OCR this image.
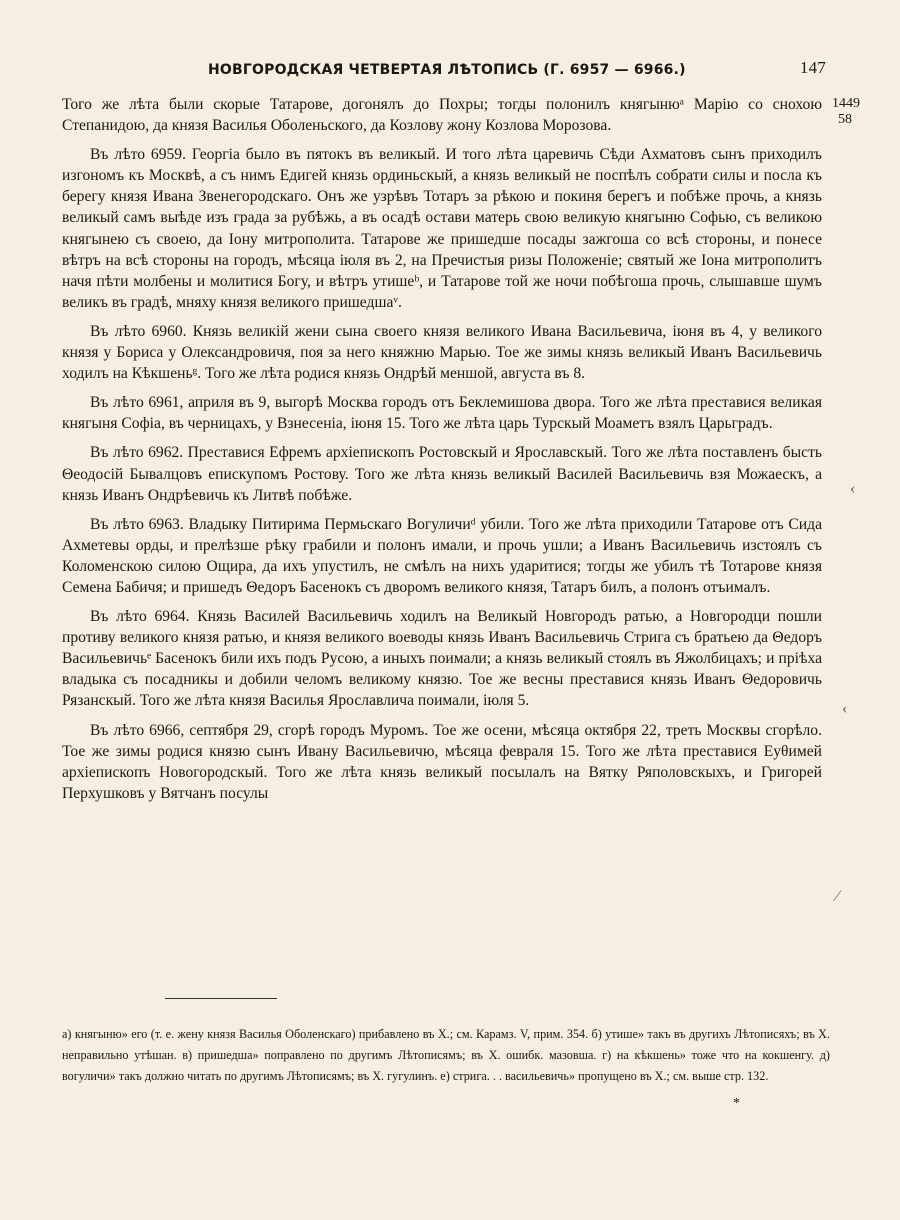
НОВГОРОДСКАЯ ЧЕТВЕРТАЯ ЛѢТОПИСЬ (Г. 6957 — 6966.)	147
1449
58

Того же лѣта были скорые Татарове, догонялъ до Похры; тогды полонилъ княгынюᵃ Марію со снохою Степанидою, да князя Василья Оболеньского, да Козлову жону Козлова Морозова.

Въ лѣто 6959. Георгіа было въ пятокъ въ великый. И того лѣта царевичь Сѣди Ахматовъ сынъ приходилъ изгономъ къ Москвѣ, а съ нимъ Едигей князь ординьскый, а князь великый не поспѣлъ собрати силы и посла къ берегу князя Ивана Звенегородскаго. Онъ же узрѣвъ Тотаръ за рѣкою и покиня берегъ и побѣже прочь, а князь великый самъ выѣде изъ града за рубѣжь, а въ осадѣ остави матерь свою великую княгыню Софью, съ великою княгынею съ своею, да Іону митрополита. Татарове же пришедше посады зажгоша со всѣ стороны, и понесе вѣтръ на всѣ стороны на городъ, мѣсяца іюля въ 2, на Пречистыя ризы Положеніе; святый же Іона митрополитъ начя пѣти молбены и молитися Богу, и вѣтръ утишеᵇ, и Татарове той же ночи побѣгоша прочь, слышавше шумъ великъ въ градѣ, мняху князя великого пришедшаᵛ.

Въ лѣто 6960. Князь великій жени сына своего князя великого Ивана Васильевича, іюня въ 4, у великого князя у Бориса у Олександровичя, поя за него княжню Марью. Тое же зимы князь великый Иванъ Васильевичь ходилъ на Кѣкшеньᵍ. Того же лѣта родися князь Ондрѣй меншой, августа въ 8.

Въ лѣто 6961, априля въ 9, выгорѣ Москва городъ отъ Беклемишова двора. Того же лѣта преставися великая княгыня Софіа, въ черницахъ, у Взнесеніа, іюня 15. Того же лѣта царь Турскый Моаметъ взялъ Царьградъ.

Въ лѣто 6962. Преставися Ефремъ архіепископъ Ростовскый и Ярославскый. Того же лѣта поставленъ бысть Θеодосій Бывалцовъ епискупомъ Ростову. Того же лѣта князь великый Василей Васильевичь взя Можаескъ, а князь Иванъ Ондрѣевичь къ Литвѣ побѣже.

Въ лѣто 6963. Владыку Питирима Пермьскаго Вогуличиᵈ убили. Того же лѣта приходили Татарове отъ Сида Ахметевы орды, и прелѣзше рѣку грабили и полонъ имали, и прочь ушли; а Иванъ Васильевичь изстоялъ съ Коломенскою силою Ощира, да ихъ упустилъ, не смѣлъ на нихъ ударитися; тогды же убилъ тѣ Тотарове князя Семена Бабичя; и пришедъ Θедоръ Басенокъ съ дворомъ великого князя, Татаръ билъ, а полонъ отъималъ.

Въ лѣто 6964. Князь Василей Васильевичь ходилъ на Великый Новгородъ ратью, а Новгородци пошли противу великого князя ратью, и князя великого воеводы князь Иванъ Васильевичь Стрига съ братьею да Θедоръ Васильевичьᵉ Басенокъ били ихъ подъ Русою, а иныхъ поимали; а князь великый стоялъ въ Яжолбицахъ; и пріѣха владыка съ посадникы и добили челомъ великому князю. Тое же весны преставися князь Иванъ Θедоровичь Рязанскый. Того же лѣта князя Василья Ярославлича поимали, іюля 5.

Въ лѣто 6966, септября 29, сгорѣ городъ Муромъ. Тое же осени, мѣсяца октября 22, треть Москвы сгорѣло. Тое же зимы родися князю сынъ Ивану Васильевичю, мѣсяца февраля 15. Того же лѣта преставися Еуθимей архіепископъ Новогородскый. Того же лѣта князь великый посылалъ на Вятку Ряполовскыхъ, и Григорей Перхушковъ у Вятчанъ посулы

‹
‹
⁄
а) княгыню» его (т. е. жену князя Василья Оболенскаго) прибавлено въ Х.; см. Карамз. V, прим. 354. б) утише» такъ въ другихъ Лѣтописяхъ; въ Х. неправильно утѣшан. в) пришедша» поправлено по другимъ Лѣтописямъ; въ Х. ошибк. мазовша. г) на кѣкшень» тоже что на кокшенгу. д) вогуличи» такъ должно читать по другимъ Лѣтописямъ; въ Х. гугулинъ. е) стрига. . . васильевичь» пропущено въ Х.; см. выше стр. 132.
*
